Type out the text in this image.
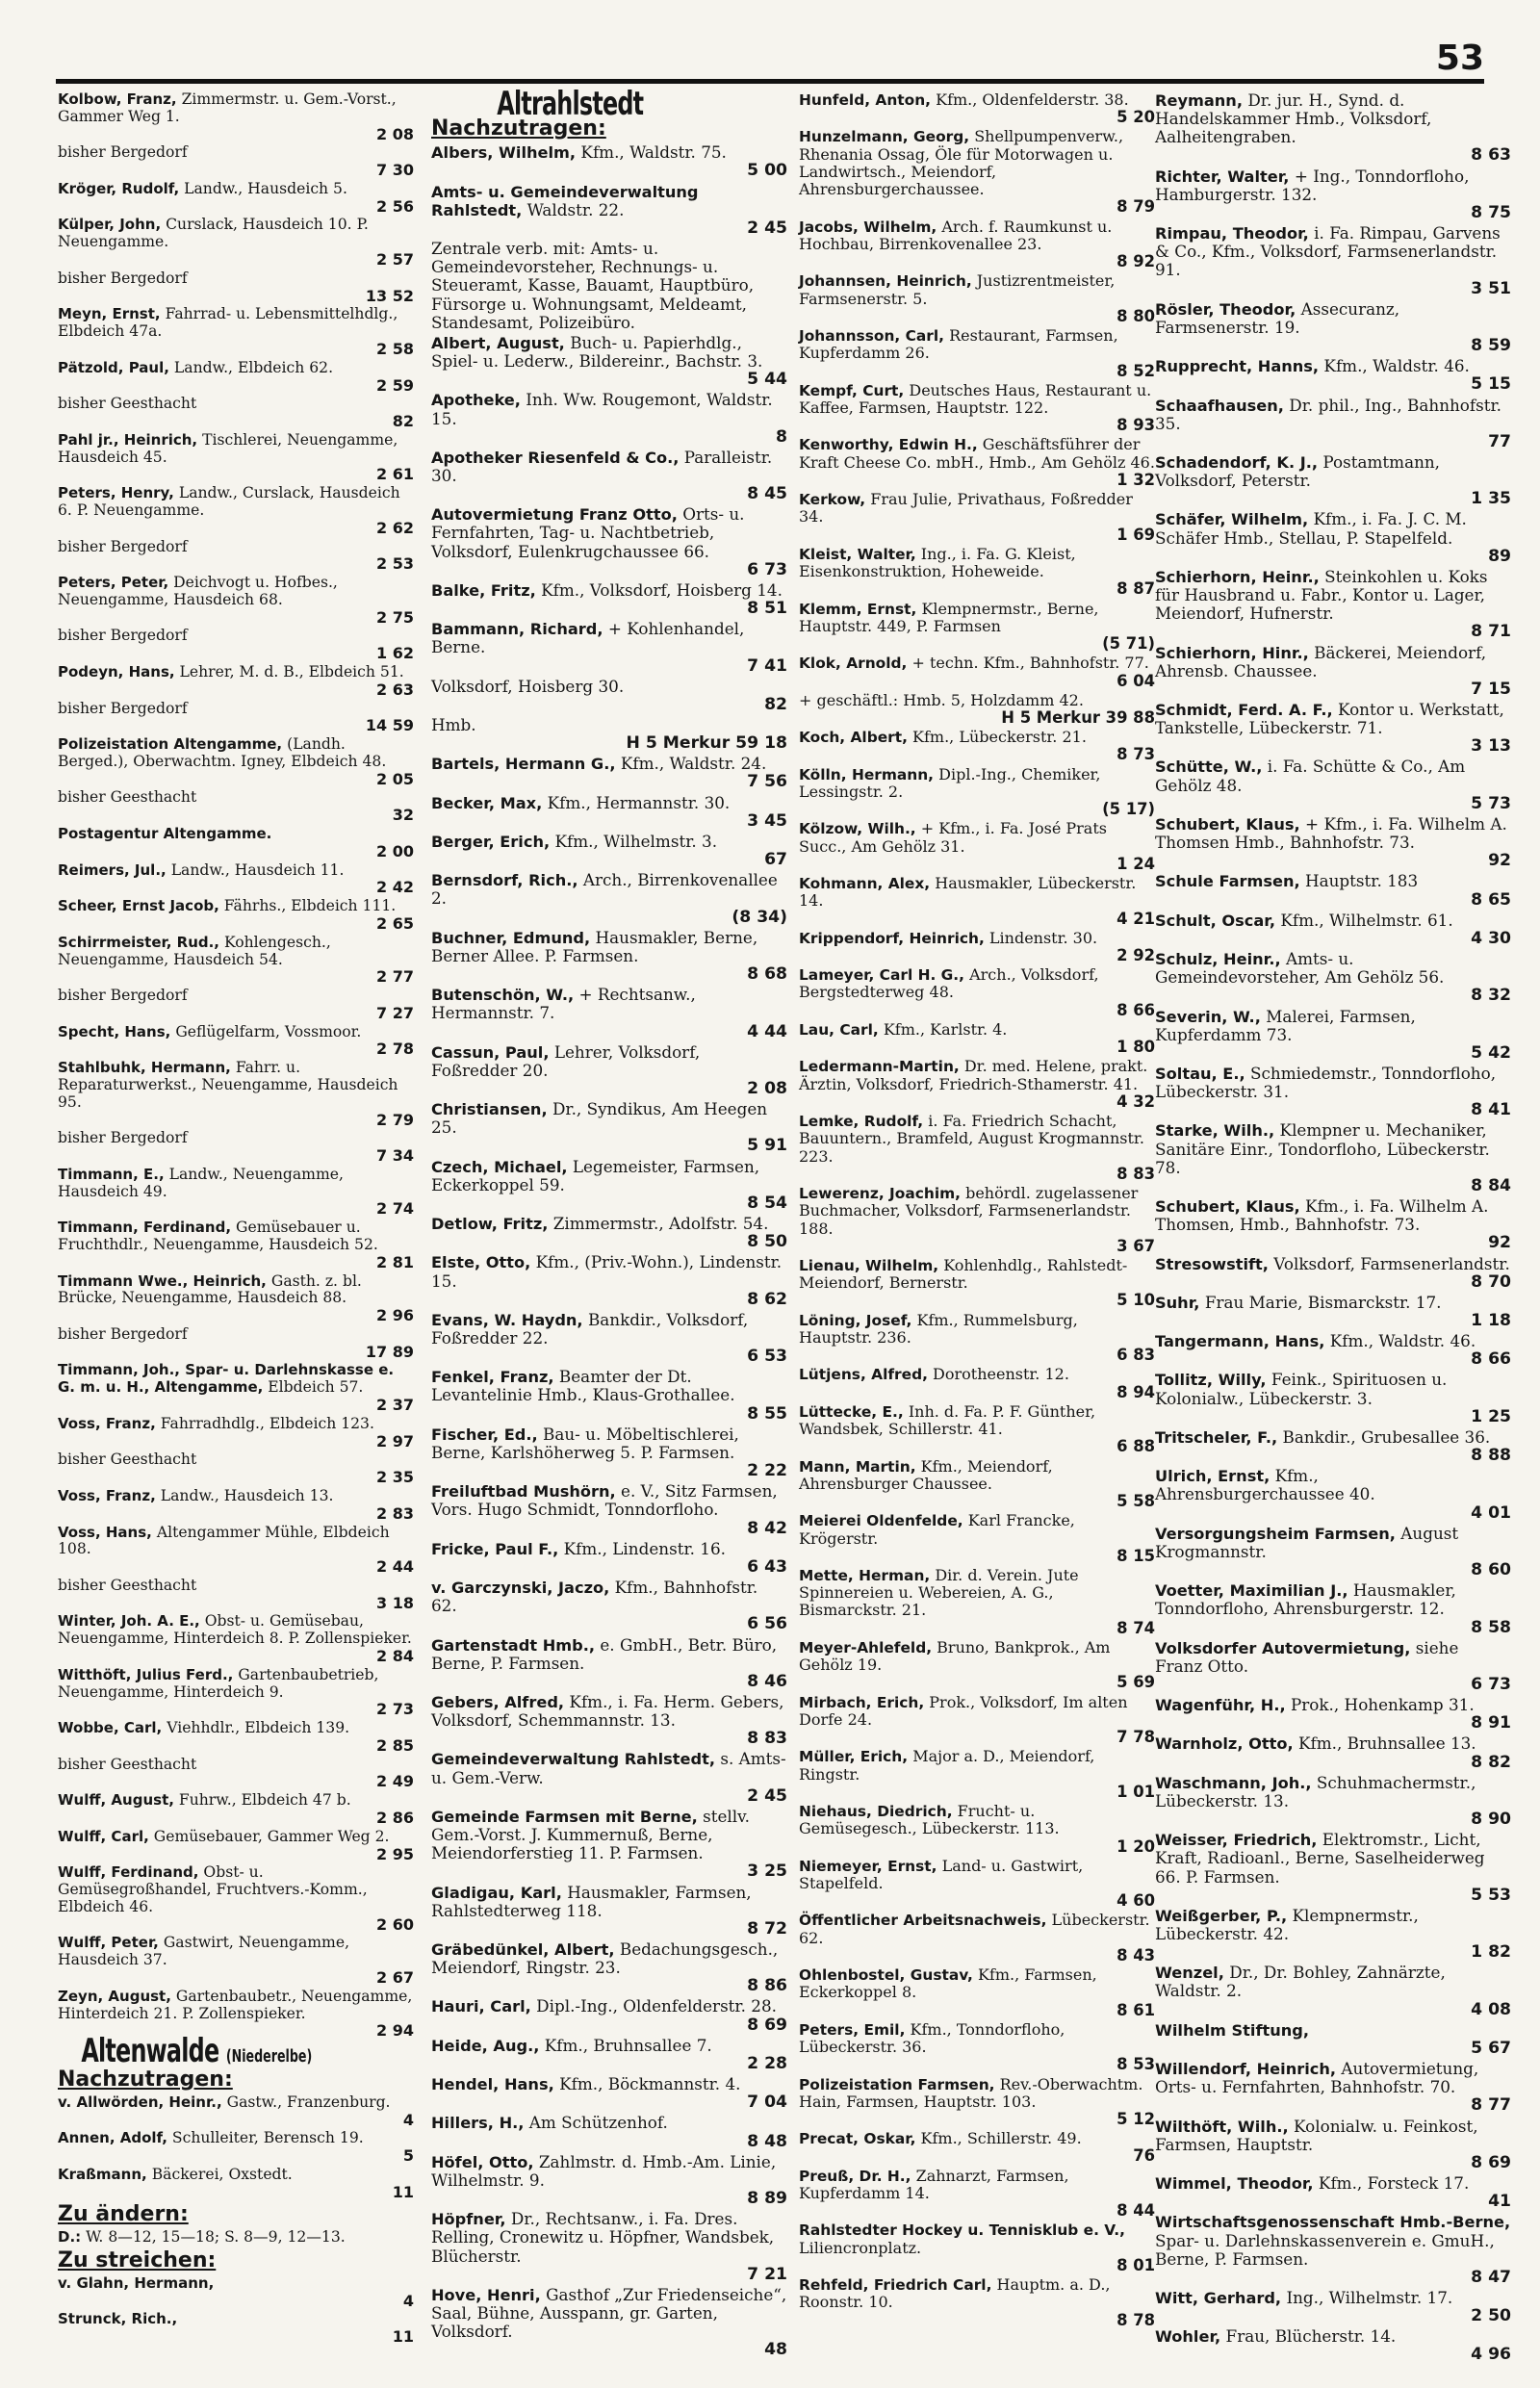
53
Kolbow, Franz, Zimmermstr. u. Gem.-Vorst., Gammer Weg 1.
2 08
bisher Bergedorf
7 30
Kröger, Rudolf, Landw., Hausdeich 5.
2 56
Külper, John, Curslack, Hausdeich 10. P. Neuengamme.
2 57
bisher Bergedorf
13 52
Meyn, Ernst, Fahrrad- u. Lebensmittelhdlg., Elbdeich 47a.
2 58
Pätzold, Paul, Landw., Elbdeich 62.
2 59
bisher Geesthacht
82
Pahl jr., Heinrich, Tischlerei, Neuengamme, Hausdeich 45.
2 61
Peters, Henry, Landw., Curslack, Hausdeich 6. P. Neuengamme.
2 62
bisher Bergedorf
2 53
Peters, Peter, Deichvogt u. Hofbes., Neuengamme, Hausdeich 68.
2 75
bisher Bergedorf
1 62
Podeyn, Hans, Lehrer, M. d. B., Elbdeich 51.
2 63
bisher Bergedorf
14 59
Polizeistation Altengamme, (Landh. Berged.), Oberwachtm. Igney, Elbdeich 48.
2 05
bisher Geesthacht
32
Postagentur Altengamme.
2 00
Reimers, Jul., Landw., Hausdeich 11.
2 42
Scheer, Ernst Jacob, Fährhs., Elbdeich 111.
2 65
Schirrmeister, Rud., Kohlengesch., Neuengamme, Hausdeich 54.
2 77
bisher Bergedorf
7 27
Specht, Hans, Geflügelfarm, Vossmoor.
2 78
Stahlbuhk, Hermann, Fahrr. u. Reparaturwerkst., Neuengamme, Hausdeich 95.
2 79
bisher Bergedorf
7 34
Timmann, E., Landw., Neuengamme, Hausdeich 49.
2 74
Timmann, Ferdinand, Gemüsebauer u. Fruchthdlr., Neuengamme, Hausdeich 52.
2 81
Timmann Wwe., Heinrich, Gasth. z. bl. Brücke, Neuengamme, Hausdeich 88.
2 96
bisher Bergedorf
17 89
Timmann, Joh., Spar- u. Darlehnskasse e. G. m. u. H., Altengamme, Elbdeich 57.
2 37
Voss, Franz, Fahrradhdlg., Elbdeich 123.
2 97
bisher Geesthacht
2 35
Voss, Franz, Landw., Hausdeich 13.
2 83
Voss, Hans, Altengammer Mühle, Elbdeich 108.
2 44
bisher Geesthacht
3 18
Winter, Joh. A. E., Obst- u. Gemüsebau, Neuengamme, Hinterdeich 8. P. Zollenspieker.
2 84
Witthöft, Julius Ferd., Gartenbaubetrieb, Neuengamme, Hinterdeich 9.
2 73
Wobbe, Carl, Viehhdlr., Elbdeich 139.
2 85
bisher Geesthacht
2 49
Wulff, August, Fuhrw., Elbdeich 47 b.
2 86
Wulff, Carl, Gemüsebauer, Gammer Weg 2.
2 95
Wulff, Ferdinand, Obst- u. Gemüsegroßhandel, Fruchtvers.-Komm., Elbdeich 46.
2 60
Wulff, Peter, Gastwirt, Neuengamme, Hausdeich 37.
2 67
Zeyn, August, Gartenbaubetr., Neuengamme, Hinterdeich 21. P. Zollenspieker.
2 94
Altenwalde (Niederelbe)
Nachzutragen:
v. Allwörden, Heinr., Gastw., Franzenburg.
4
Annen, Adolf, Schulleiter, Berensch 19.
5
Kraßmann, Bäckerei, Oxstedt.
11
Zu ändern:
D.: W. 8—12, 15—18; S. 8—9, 12—13.
Zu streichen:
v. Glahn, Hermann,
4
Strunck, Rich.,
11
Altrahlstedt
Nachzutragen:
Albers, Wilhelm, Kfm., Waldstr. 75.
5 00
Amts- u. Gemeindeverwaltung Rahlstedt, Waldstr. 22.
2 45
Zentrale verb. mit: Amts- u. Gemeindevorsteher, Rechnungs- u. Steueramt, Kasse, Bauamt, Hauptbüro, Fürsorge u. Wohnungsamt, Meldeamt, Standesamt, Polizeibüro.
Albert, August, Buch- u. Papierhdlg., Spiel- u. Lederw., Bildereinr., Bachstr. 3.
5 44
Apotheke, Inh. Ww. Rougemont, Waldstr. 15.
8
Apotheker Riesenfeld & Co., Paralleistr. 30.
8 45
Autovermietung Franz Otto, Orts- u. Fernfahrten, Tag- u. Nachtbetrieb, Volksdorf, Eulenkrugchaussee 66.
6 73
Balke, Fritz, Kfm., Volksdorf, Hoisberg 14.
8 51
Bammann, Richard, + Kohlenhandel, Berne.
7 41
Volksdorf, Hoisberg 30.
82
Hmb.
H 5 Merkur 59 18
Bartels, Hermann G., Kfm., Waldstr. 24.
7 56
Becker, Max, Kfm., Hermannstr. 30.
3 45
Berger, Erich, Kfm., Wilhelmstr. 3.
67
Bernsdorf, Rich., Arch., Birrenkovenallee 2.
(8 34)
Buchner, Edmund, Hausmakler, Berne, Berner Allee. P. Farmsen.
8 68
Butenschön, W., + Rechtsanw., Hermannstr. 7.
4 44
Cassun, Paul, Lehrer, Volksdorf, Foßredder 20.
2 08
Christiansen, Dr., Syndikus, Am Heegen 25.
5 91
Czech, Michael, Legemeister, Farmsen, Eckerkoppel 59.
8 54
Detlow, Fritz, Zimmermstr., Adolfstr. 54.
8 50
Elste, Otto, Kfm., (Priv.-Wohn.), Lindenstr. 15.
8 62
Evans, W. Haydn, Bankdir., Volksdorf, Foßredder 22.
6 53
Fenkel, Franz, Beamter der Dt. Levantelinie Hmb., Klaus-Grothallee.
8 55
Fischer, Ed., Bau- u. Möbeltischlerei, Berne, Karlshöherweg 5. P. Farmsen.
2 22
Freiluftbad Mushörn, e. V., Sitz Farmsen, Vors. Hugo Schmidt, Tonndorfloho.
8 42
Fricke, Paul F., Kfm., Lindenstr. 16.
6 43
v. Garczynski, Jaczo, Kfm., Bahnhofstr. 62.
6 56
Gartenstadt Hmb., e. GmbH., Betr. Büro, Berne, P. Farmsen.
8 46
Gebers, Alfred, Kfm., i. Fa. Herm. Gebers, Volksdorf, Schemmannstr. 13.
8 83
Gemeindeverwaltung Rahlstedt, s. Amts- u. Gem.-Verw.
2 45
Gemeinde Farmsen mit Berne, stellv. Gem.-Vorst. J. Kummernuß, Berne, Meiendorferstieg 11. P. Farmsen.
3 25
Gladigau, Karl, Hausmakler, Farmsen, Rahlstedterweg 118.
8 72
Gräbedünkel, Albert, Bedachungsgesch., Meiendorf, Ringstr. 23.
8 86
Hauri, Carl, Dipl.-Ing., Oldenfelderstr. 28.
8 69
Heide, Aug., Kfm., Bruhnsallee 7.
2 28
Hendel, Hans, Kfm., Böckmannstr. 4.
7 04
Hillers, H., Am Schützenhof.
8 48
Höfel, Otto, Zahlmstr. d. Hmb.-Am. Linie, Wilhelmstr. 9.
8 89
Höpfner, Dr., Rechtsanw., i. Fa. Dres. Relling, Cronewitz u. Höpfner, Wandsbek, Blücherstr.
7 21
Hove, Henri, Gasthof „Zur Friedenseiche“, Saal, Bühne, Ausspann, gr. Garten, Volksdorf.
48
Hunfeld, Anton, Kfm., Oldenfelderstr. 38.
5 20
Hunzelmann, Georg, Shellpumpenverw., Rhenania Ossag, Öle für Motorwagen u. Landwirtsch., Meiendorf, Ahrensburgerchaussee.
8 79
Jacobs, Wilhelm, Arch. f. Raumkunst u. Hochbau, Birrenkovenallee 23.
8 92
Johannsen, Heinrich, Justizrentmeister, Farmsenerstr. 5.
8 80
Johannsson, Carl, Restaurant, Farmsen, Kupferdamm 26.
8 52
Kempf, Curt, Deutsches Haus, Restaurant u. Kaffee, Farmsen, Hauptstr. 122.
8 93
Kenworthy, Edwin H., Geschäftsführer der Kraft Cheese Co. mbH., Hmb., Am Gehölz 46.
1 32
Kerkow, Frau Julie, Privathaus, Foßredder 34.
1 69
Kleist, Walter, Ing., i. Fa. G. Kleist, Eisenkonstruktion, Hoheweide.
8 87
Klemm, Ernst, Klempnermstr., Berne, Hauptstr. 449, P. Farmsen
(5 71)
Klok, Arnold, + techn. Kfm., Bahnhofstr. 77.
6 04
+ geschäftl.: Hmb. 5, Holzdamm 42.
H 5 Merkur 39 88
Koch, Albert, Kfm., Lübeckerstr. 21.
8 73
Kölln, Hermann, Dipl.-Ing., Chemiker, Lessingstr. 2.
(5 17)
Kölzow, Wilh., + Kfm., i. Fa. José Prats Succ., Am Gehölz 31.
1 24
Kohmann, Alex, Hausmakler, Lübeckerstr. 14.
4 21
Krippendorf, Heinrich, Lindenstr. 30.
2 92
Lameyer, Carl H. G., Arch., Volksdorf, Bergstedterweg 48.
8 66
Lau, Carl, Kfm., Karlstr. 4.
1 80
Ledermann-Martin, Dr. med. Helene, prakt. Ärztin, Volksdorf, Friedrich-Sthamerstr. 41.
4 32
Lemke, Rudolf, i. Fa. Friedrich Schacht, Bauuntern., Bramfeld, August Krogmannstr. 223.
8 83
Lewerenz, Joachim, behördl. zugelassener Buchmacher, Volksdorf, Farmsenerlandstr. 188.
3 67
Lienau, Wilhelm, Kohlenhdlg., Rahlstedt-Meiendorf, Bernerstr.
5 10
Löning, Josef, Kfm., Rummelsburg, Hauptstr. 236.
6 83
Lütjens, Alfred, Dorotheenstr. 12.
8 94
Lüttecke, E., Inh. d. Fa. P. F. Günther, Wandsbek, Schillerstr. 41.
6 88
Mann, Martin, Kfm., Meiendorf, Ahrensburger Chaussee.
5 58
Meierei Oldenfelde, Karl Francke, Krögerstr.
8 15
Mette, Herman, Dir. d. Verein. Jute Spinnereien u. Webereien, A. G., Bismarckstr. 21.
8 74
Meyer-Ahlefeld, Bruno, Bankprok., Am Gehölz 19.
5 69
Mirbach, Erich, Prok., Volksdorf, Im alten Dorfe 24.
7 78
Müller, Erich, Major a. D., Meiendorf, Ringstr.
1 01
Niehaus, Diedrich, Frucht- u. Gemüsegesch., Lübeckerstr. 113.
1 20
Niemeyer, Ernst, Land- u. Gastwirt, Stapelfeld.
4 60
Öffentlicher Arbeitsnachweis, Lübeckerstr. 62.
8 43
Ohlenbostel, Gustav, Kfm., Farmsen, Eckerkoppel 8.
8 61
Peters, Emil, Kfm., Tonndorfloho, Lübeckerstr. 36.
8 53
Polizeistation Farmsen, Rev.-Oberwachtm. Hain, Farmsen, Hauptstr. 103.
5 12
Precat, Oskar, Kfm., Schillerstr. 49.
76
Preuß, Dr. H., Zahnarzt, Farmsen, Kupferdamm 14.
8 44
Rahlstedter Hockey u. Tennisklub e. V., Liliencronplatz.
8 01
Rehfeld, Friedrich Carl, Hauptm. a. D., Roonstr. 10.
8 78
Reymann, Dr. jur. H., Synd. d. Handelskammer Hmb., Volksdorf, Aalheitengraben.
8 63
Richter, Walter, + Ing., Tonndorfloho, Hamburgerstr. 132.
8 75
Rimpau, Theodor, i. Fa. Rimpau, Garvens & Co., Kfm., Volksdorf, Farmsenerlandstr. 91.
3 51
Rösler, Theodor, Assecuranz, Farmsenerstr. 19.
8 59
Rupprecht, Hanns, Kfm., Waldstr. 46.
5 15
Schaafhausen, Dr. phil., Ing., Bahnhofstr. 35.
77
Schadendorf, K. J., Postamtmann, Volksdorf, Peterstr.
1 35
Schäfer, Wilhelm, Kfm., i. Fa. J. C. M. Schäfer Hmb., Stellau, P. Stapelfeld.
89
Schierhorn, Heinr., Steinkohlen u. Koks für Hausbrand u. Fabr., Kontor u. Lager, Meiendorf, Hufnerstr.
8 71
Schierhorn, Hinr., Bäckerei, Meiendorf, Ahrensb. Chaussee.
7 15
Schmidt, Ferd. A. F., Kontor u. Werkstatt, Tankstelle, Lübeckerstr. 71.
3 13
Schütte, W., i. Fa. Schütte & Co., Am Gehölz 48.
5 73
Schubert, Klaus, + Kfm., i. Fa. Wilhelm A. Thomsen Hmb., Bahnhofstr. 73.
92
Schule Farmsen, Hauptstr. 183
8 65
Schult, Oscar, Kfm., Wilhelmstr. 61.
4 30
Schulz, Heinr., Amts- u. Gemeindevorsteher, Am Gehölz 56.
8 32
Severin, W., Malerei, Farmsen, Kupferdamm 73.
5 42
Soltau, E., Schmiedemstr., Tonndorfloho, Lübeckerstr. 31.
8 41
Starke, Wilh., Klempner u. Mechaniker, Sanitäre Einr., Tondorfloho, Lübeckerstr. 78.
8 84
Schubert, Klaus, Kfm., i. Fa. Wilhelm A. Thomsen, Hmb., Bahnhofstr. 73.
92
Stresowstift, Volksdorf, Farmsenerlandstr.
8 70
Suhr, Frau Marie, Bismarckstr. 17.
1 18
Tangermann, Hans, Kfm., Waldstr. 46.
8 66
Tollitz, Willy, Feink., Spirituosen u. Kolonialw., Lübeckerstr. 3.
1 25
Tritscheler, F., Bankdir., Grubesallee 36.
8 88
Ulrich, Ernst, Kfm., Ahrensburgerchaussee 40.
4 01
Versorgungsheim Farmsen, August Krogmannstr.
8 60
Voetter, Maximilian J., Hausmakler, Tonndorfloho, Ahrensburgerstr. 12.
8 58
Volksdorfer Autovermietung, siehe Franz Otto.
6 73
Wagenführ, H., Prok., Hohenkamp 31.
8 91
Warnholz, Otto, Kfm., Bruhnsallee 13.
8 82
Waschmann, Joh., Schuhmachermstr., Lübeckerstr. 13.
8 90
Weisser, Friedrich, Elektromstr., Licht, Kraft, Radioanl., Berne, Saselheiderweg 66. P. Farmsen.
5 53
Weißgerber, P., Klempnermstr., Lübeckerstr. 42.
1 82
Wenzel, Dr., Dr. Bohley, Zahnärzte, Waldstr. 2.
4 08
Wilhelm Stiftung,
5 67
Willendorf, Heinrich, Autovermietung, Orts- u. Fernfahrten, Bahnhofstr. 70.
8 77
Wilthöft, Wilh., Kolonialw. u. Feinkost, Farmsen, Hauptstr.
8 69
Wimmel, Theodor, Kfm., Forsteck 17.
41
Wirtschaftsgenossenschaft Hmb.-Berne, Spar- u. Darlehnskassenverein e. GmuH., Berne, P. Farmsen.
8 47
Witt, Gerhard, Ing., Wilhelmstr. 17.
2 50
Wohler, Frau, Blücherstr. 14.
4 96
